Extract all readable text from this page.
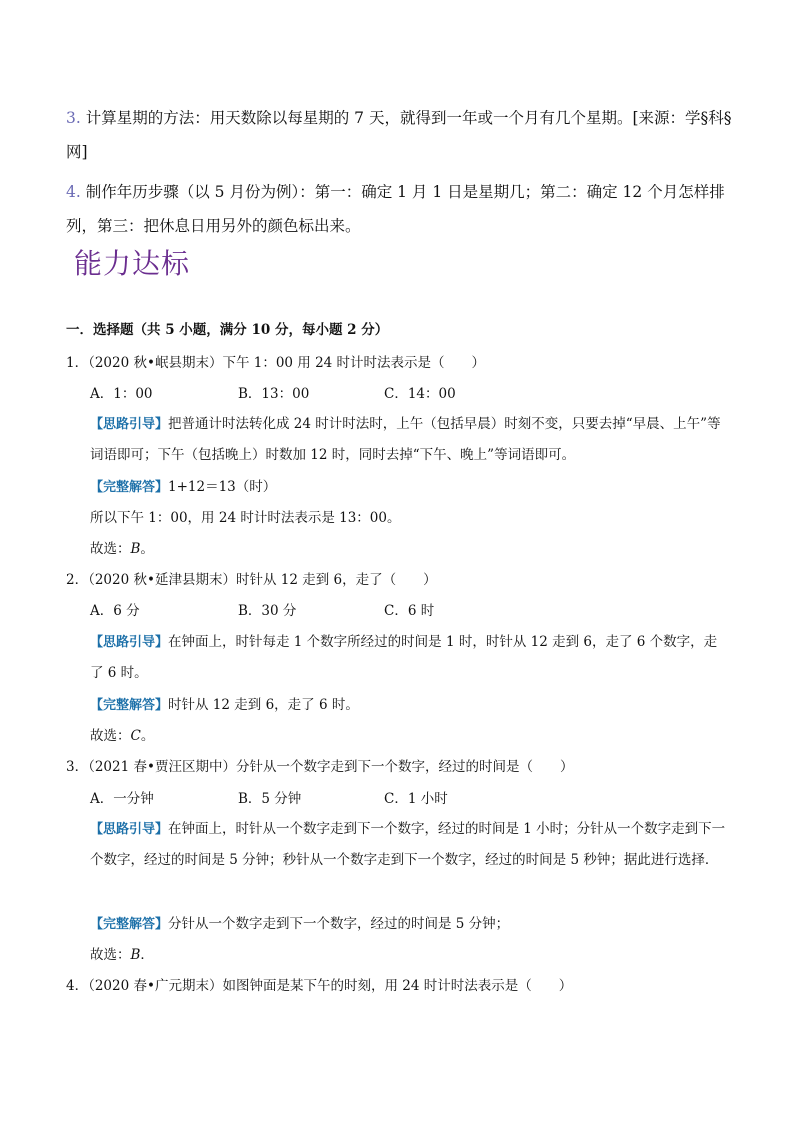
3. 计算星期的方法：用天数除以每星期的 7 天，就得到一年或一个月有几个星期。[来源：学§科§网]
4. 制作年历步骤（以 5 月份为例）：第一：确定 1 月 1 日是星期几；第二：确定 12 个月怎样排列，第三：把休息日用另外的颜色标出来。
能力达标
一．选择题（共 5 小题，满分 10 分，每小题 2 分）
1．（2020 秋•岷县期末）下午 1：00 用 24 时计时法表示是（　　）
A．1：00	B．13：00	C．14：00
【思路引导】把普通计时法转化成 24 时计时法时，上午（包括早晨）时刻不变，只要去掉“早晨、上午”等词语即可；下午（包括晚上）时数加 12 时，同时去掉“下午、晚上”等词语即可。
【完整解答】1+12＝13（时）
所以下午 1：00，用 24 时计时法表示是 13：00。
故选：B。
2．（2020 秋•延津县期末）时针从 12 走到 6，走了（　　）
A．6 分	B．30 分	C．6 时
【思路引导】在钟面上，时针每走 1 个数字所经过的时间是 1 时，时针从 12 走到 6，走了 6 个数字，走了 6 时。
【完整解答】时针从 12 走到 6，走了 6 时。
故选：C。
3．（2021 春•贾汪区期中）分针从一个数字走到下一个数字，经过的时间是（　　）
A．一分钟	B．5 分钟	C．1 小时
【思路引导】在钟面上，时针从一个数字走到下一个数字，经过的时间是 1 小时；分针从一个数字走到下一个数字，经过的时间是 5 分钟；秒针从一个数字走到下一个数字，经过的时间是 5 秒钟；据此进行选择．
【完整解答】分针从一个数字走到下一个数字，经过的时间是 5 分钟；
故选：B．
4．（2020 春•广元期末）如图钟面是某下午的时刻，用 24 时计时法表示是（　　）
